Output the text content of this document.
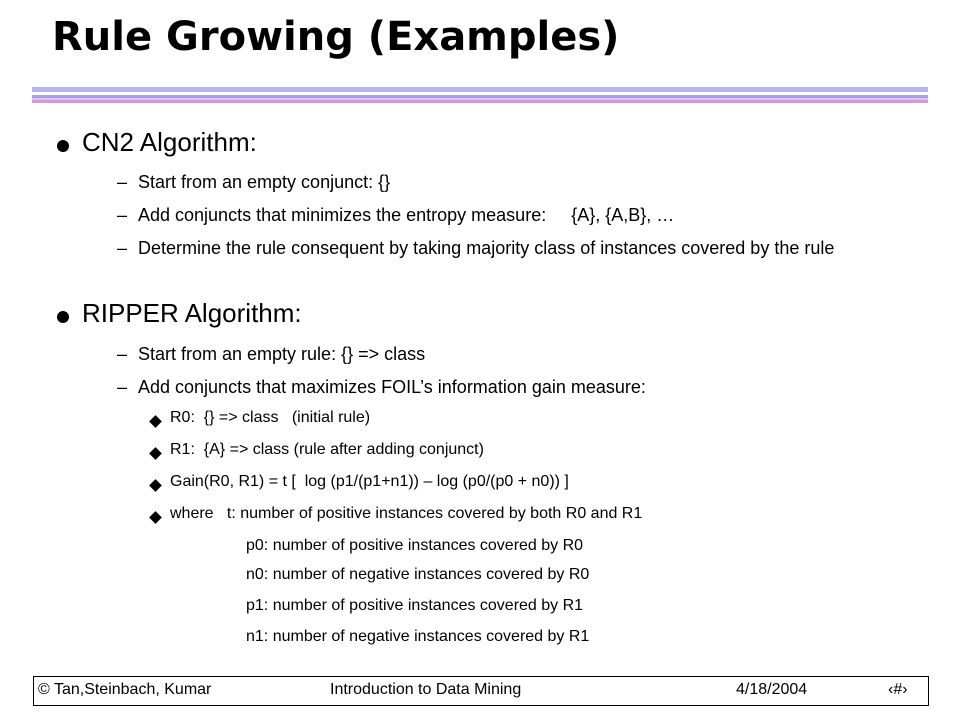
Rule Growing (Examples)
CN2 Algorithm:
– Start from an empty conjunct: {}
– Add conjuncts that minimizes the entropy measure:     {A}, {A,B}, …
– Determine the rule consequent by taking majority class of instances covered by the rule
RIPPER Algorithm:
– Start from an empty rule: {} => class
– Add conjuncts that maximizes FOIL’s information gain measure:
R0:  {} => class   (initial rule)
R1:  {A} => class (rule after adding conjunct)
Gain(R0, R1) = t [  log (p1/(p1+n1)) – log (p0/(p0 + n0)) ]
where   t: number of positive instances covered by both R0 and R1
p0: number of positive instances covered by R0
n0: number of negative instances covered by R0
p1: number of positive instances covered by R1
n1: number of negative instances covered by R1
© Tan,Steinbach, Kumar	Introduction to Data Mining	4/18/2004	‹#›
